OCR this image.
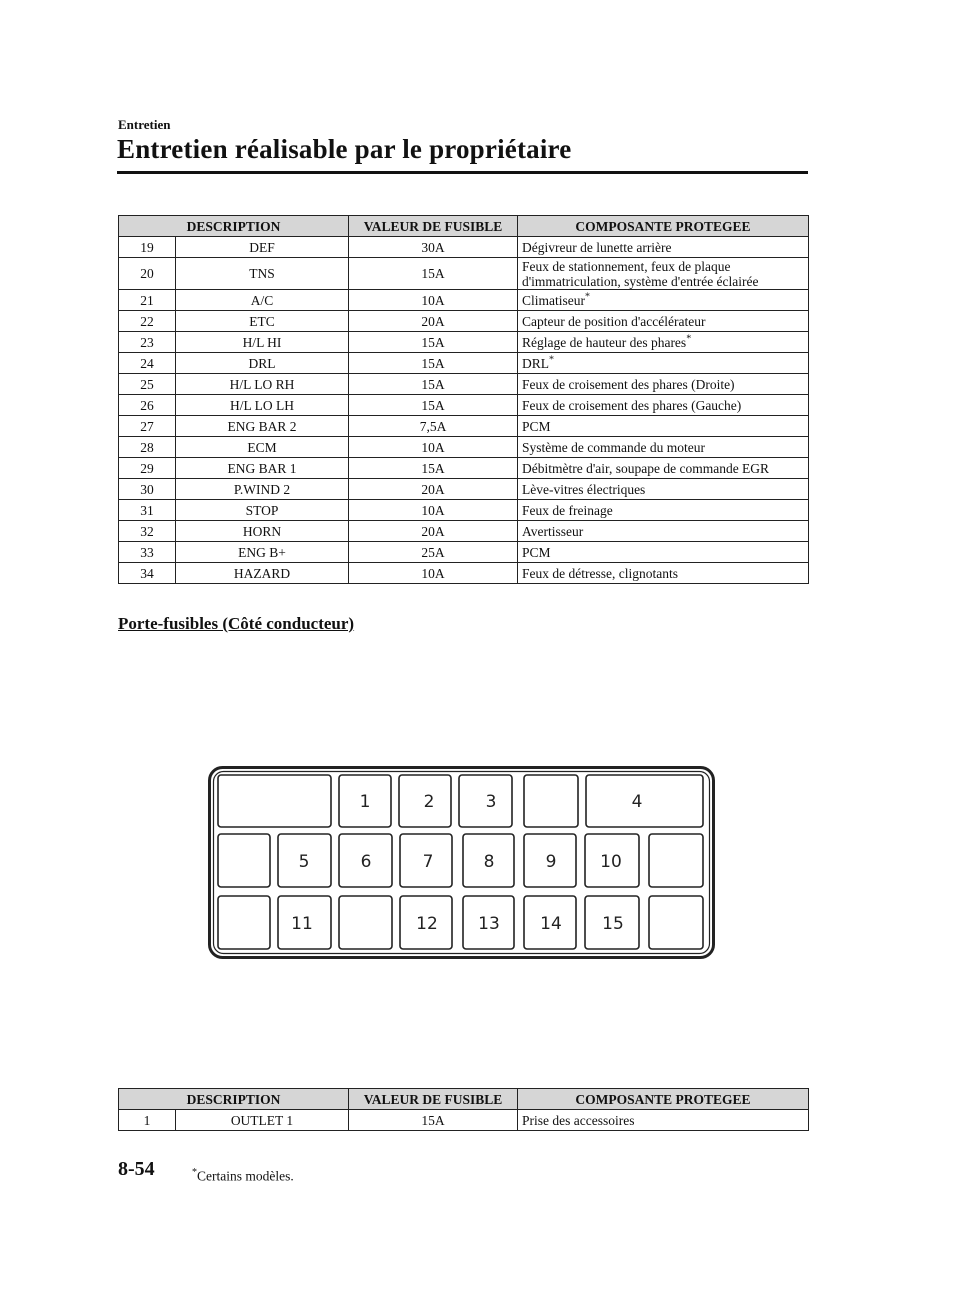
Entretien
Entretien réalisable par le propriétaire
DESCRIPTION		VALEUR DE FUSIBLE	COMPOSANTE PROTEGEE
19	DEF	30A	Dégivreur de lunette arrière
20	TNS	15A	Feux de stationnement, feux de plaque d'immatriculation, système d'entrée éclairée
21	A/C	10A	Climatiseur*
22	ETC	20A	Capteur de position d'accélérateur
23	H/L HI	15A	Réglage de hauteur des phares*
24	DRL	15A	DRL*
25	H/L LO RH	15A	Feux de croisement des phares (Droite)
26	H/L LO LH	15A	Feux de croisement des phares (Gauche)
27	ENG BAR 2	7,5A	PCM
28	ECM	10A	Système de commande du moteur
29	ENG BAR 1	15A	Débitmètre d'air, soupape de commande EGR
30	P.WIND 2	20A	Lève-vitres électriques
31	STOP	10A	Feux de freinage
32	HORN	20A	Avertisseur
33	ENG B+	25A	PCM
34	HAZARD	10A	Feux de détresse, clignotants
Porte-fusibles (Côté conducteur)
1	2	3	4
5	6	7	8	9	10
11	12 13 14 15
DESCRIPTION		VALEUR DE FUSIBLE	COMPOSANTE PROTEGEE
1	OUTLET 1	15A	Prise des accessoires
8-54	*Certains modèles.
